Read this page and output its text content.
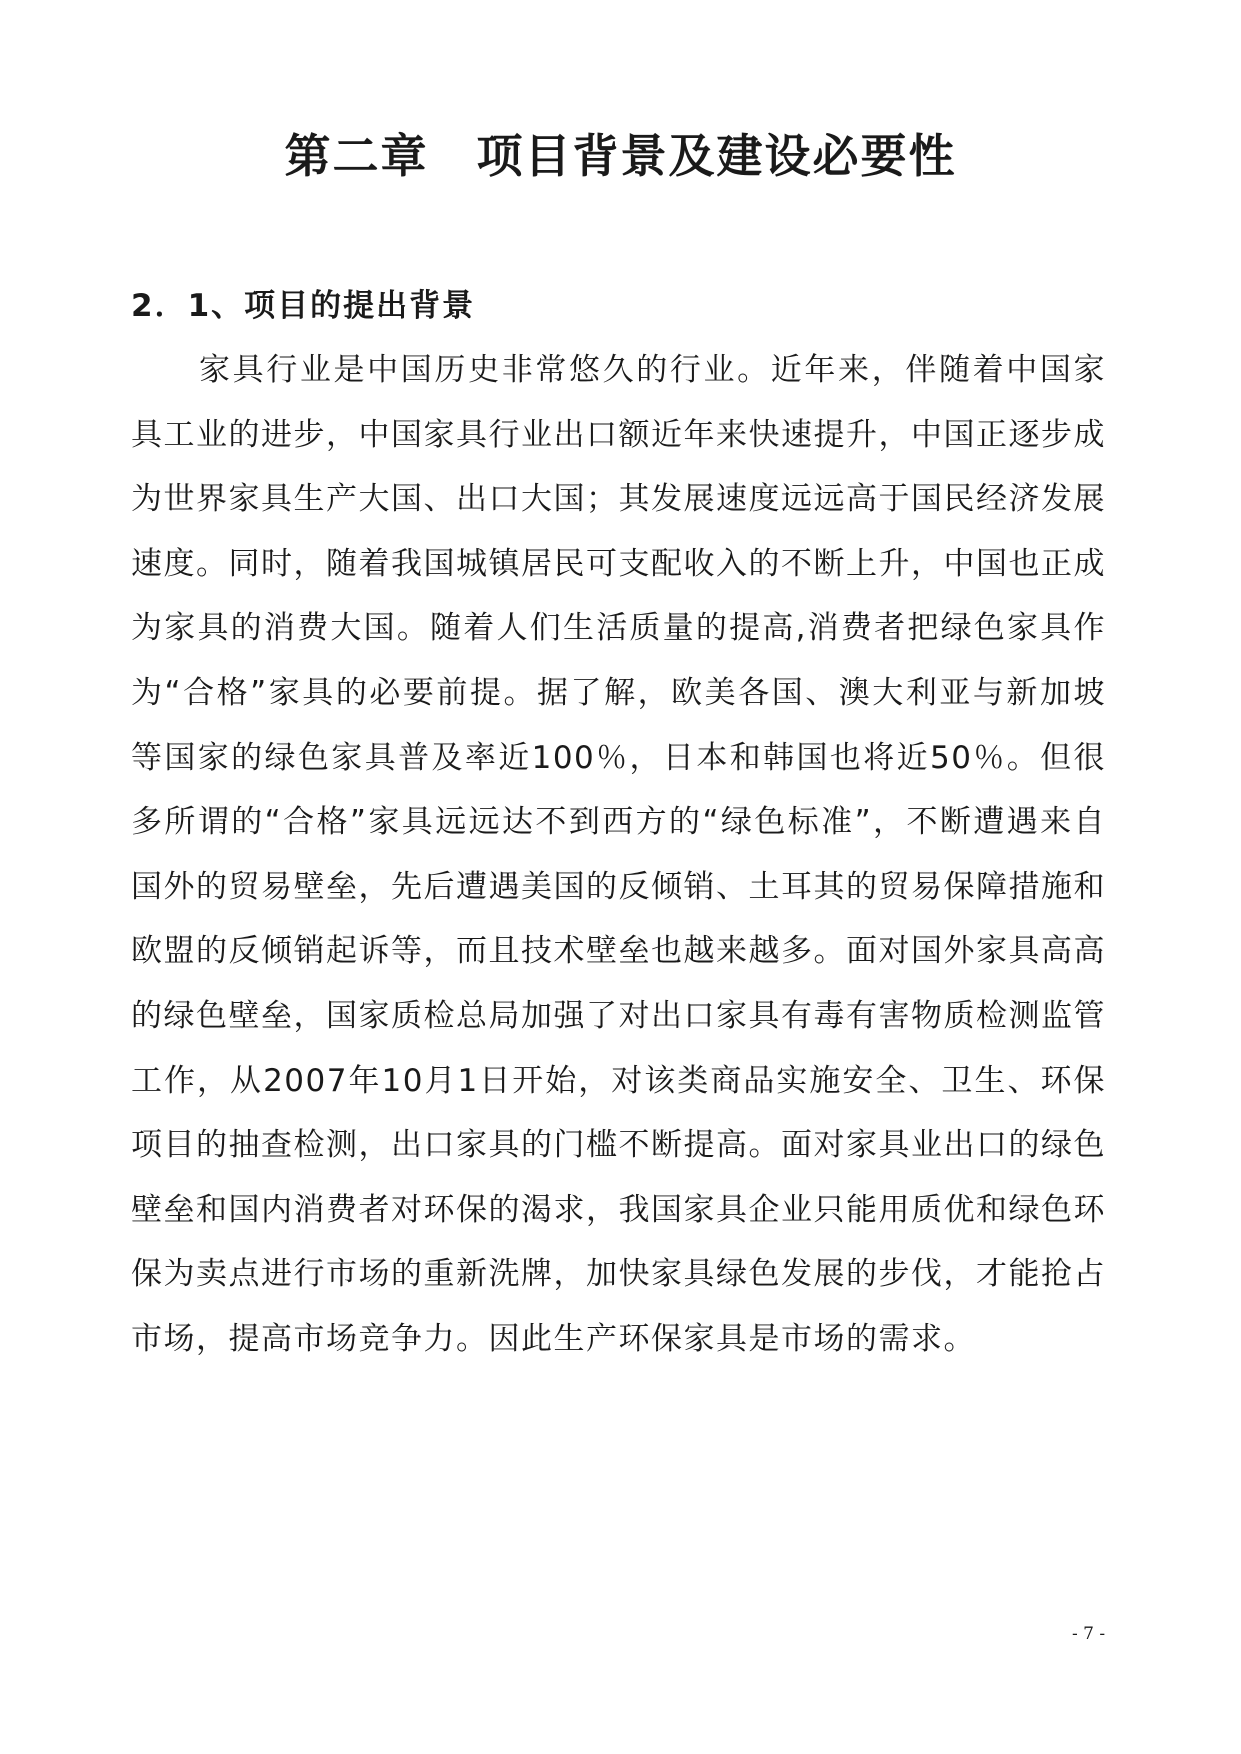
第二章　项目背景及建设必要性
2．1、项目的提出背景

家具行业是中国历史非常悠久的行业。近年来，伴随着中国家具工业的进步，中国家具行业出口额近年来快速提升，中国正逐步成为世界家具生产大国、出口大国；其发展速度远远高于国民经济发展速度。同时，随着我国城镇居民可支配收入的不断上升，中国也正成为家具的消费大国。随着人们生活质量的提高,消费者把绿色家具作为“合格”家具的必要前提。据了解，欧美各国、澳大利亚与新加坡等国家的绿色家具普及率近100％，日本和韩国也将近50％。但很多所谓的“合格”家具远远达不到西方的“绿色标准”，不断遭遇来自国外的贸易壁垒，先后遭遇美国的反倾销、土耳其的贸易保障措施和欧盟的反倾销起诉等，而且技术壁垒也越来越多。面对国外家具高高的绿色壁垒，国家质检总局加强了对出口家具有毒有害物质检测监管工作，从2007年10月1日开始，对该类商品实施安全、卫生、环保项目的抽查检测，出口家具的门槛不断提高。面对家具业出口的绿色壁垒和国内消费者对环保的渴求，我国家具企业只能用质优和绿色环保为卖点进行市场的重新洗牌，加快家具绿色发展的步伐，才能抢占市场，提高市场竞争力。因此生产环保家具是市场的需求。

- 7 -
